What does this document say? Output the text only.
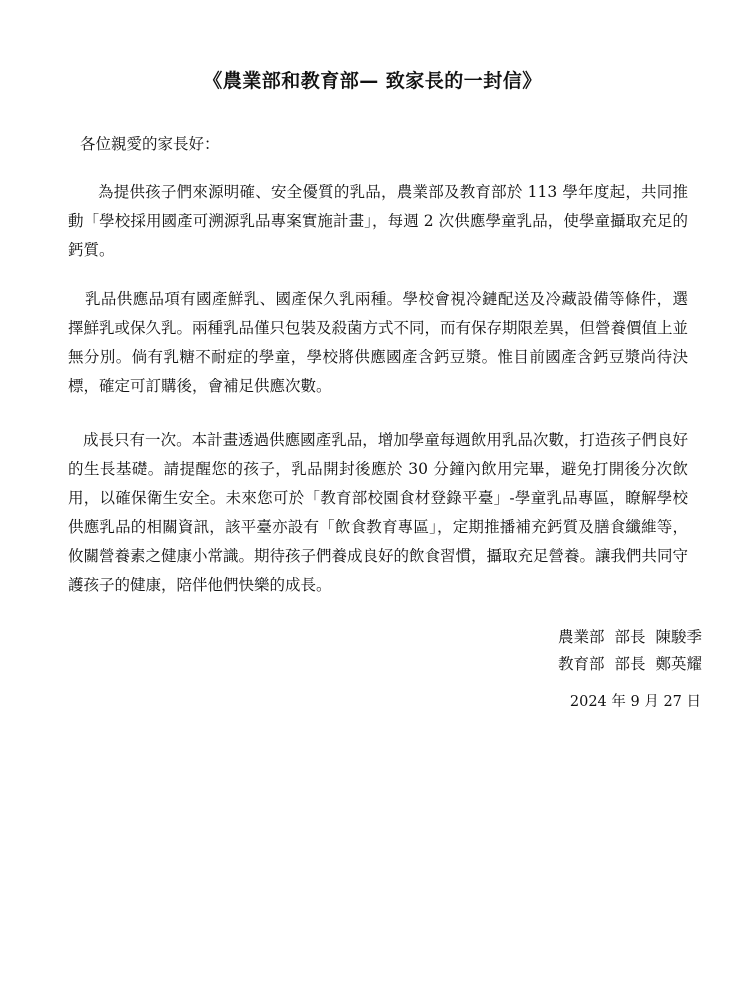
《農業部和教育部— 致家長的一封信》

各位親愛的家長好：

為提供孩子們來源明確、安全優質的乳品，農業部及教育部於 113 學年度起，共同推動「學校採用國產可溯源乳品專案實施計畫」，每週 2 次供應學童乳品，使學童攝取充足的鈣質。

乳品供應品項有國產鮮乳、國產保久乳兩種。學校會視冷鏈配送及冷藏設備等條件，選擇鮮乳或保久乳。兩種乳品僅只包裝及殺菌方式不同，而有保存期限差異，但營養價值上並無分別。倘有乳糖不耐症的學童，學校將供應國產含鈣豆漿。惟目前國產含鈣豆漿尚待決標，確定可訂購後，會補足供應次數。

成長只有一次。本計畫透過供應國產乳品，增加學童每週飲用乳品次數，打造孩子們良好的生長基礎。請提醒您的孩子，乳品開封後應於 30 分鐘內飲用完畢，避免打開後分次飲用，以確保衛生安全。未來您可於「教育部校園食材登錄平臺」-學童乳品專區，瞭解學校供應乳品的相關資訊，該平臺亦設有「飲食教育專區」，定期推播補充鈣質及膳食纖維等，攸關營養素之健康小常識。期待孩子們養成良好的飲食習慣，攝取充足營養。讓我們共同守護孩子的健康，陪伴他們快樂的成長。

農業部 部長 陳駿季

教育部 部長 鄭英耀

2024 年 9 月 27 日
